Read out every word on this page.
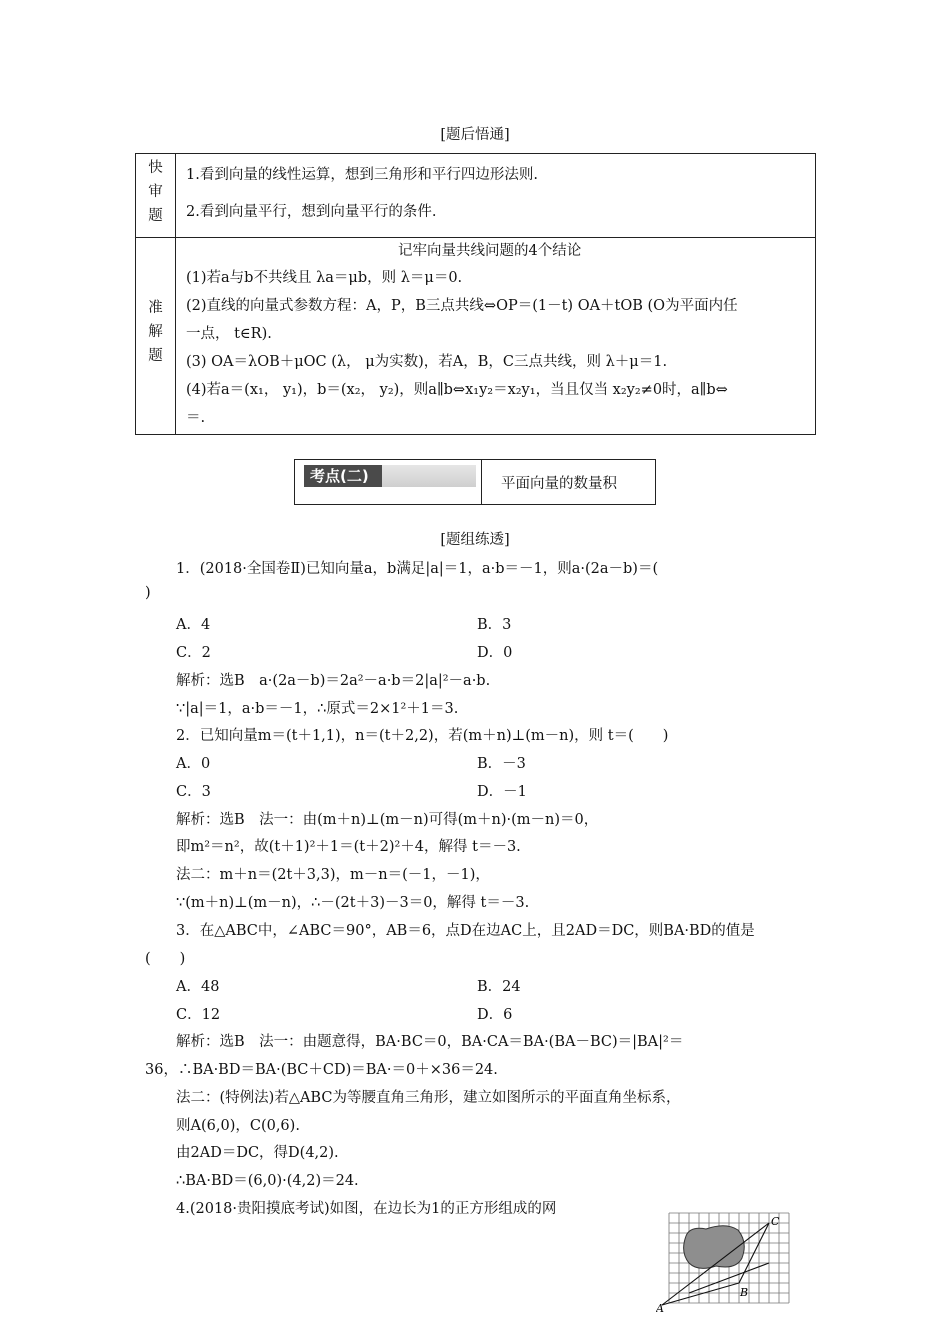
[题后悟通]
快
审
题
1.看到向量的线性运算，想到三角形和平行四边形法则.
2.看到向量平行，想到向量平行的条件.
准
解
题
记牢向量共线问题的4个结论
(1)若a与b不共线且 λa＝μb，则 λ＝μ＝0.
(2)直线的向量式参数方程：A，P，B三点共线⇔OP＝(1－t) OA＋tOB (O为平面内任
一点， t∈R).
(3) OA＝λOB＋μOC (λ， μ为实数)，若A，B，C三点共线，则 λ＋μ＝1.
(4)若a＝(x₁， y₁)，b＝(x₂， y₂)，则a∥b⇔x₁y₂＝x₂y₁，当且仅当 x₂y₂≠0时，a∥b⇔
＝.
考点(二)	平面向量的数量积
[题组练透]
1．(2018·全国卷Ⅱ)已知向量a，b满足|a|＝1，a·b＝－1，则a·(2a－b)＝(
)
A．4	B．3
C．2	D．0
解析：选B　a·(2a－b)＝2a²－a·b＝2|a|²－a·b.
∵|a|＝1，a·b＝－1，∴原式＝2×1²＋1＝3.
2．已知向量m＝(t＋1,1)，n＝(t＋2,2)，若(m＋n)⊥(m－n)，则 t＝(　　)
A．0	B．－3
C．3	D．－1
解析：选B　法一：由(m＋n)⊥(m－n)可得(m＋n)·(m－n)＝0，
即m²＝n²，故(t＋1)²＋1＝(t＋2)²＋4，解得 t＝－3.
法二：m＋n＝(2t＋3,3)，m－n＝(－1，－1)，
∵(m＋n)⊥(m－n)，∴－(2t＋3)－3＝0，解得 t＝－3.
3．在△ABC中，∠ABC＝90°，AB＝6，点D在边AC上，且2AD＝DC，则BA·BD的值是
(　　)
A．48	B．24
C．12	D．6
解析：选B　法一：由题意得，BA·BC＝0，BA·CA＝BA·(BA－BC)＝|BA|²＝
36，∴BA·BD＝BA·(BC＋CD)＝BA·＝0＋×36＝24.
法二：(特例法)若△ABC为等腰直角三角形，建立如图所示的平面直角坐标系，
则A(6,0)，C(0,6).
由2AD＝DC，得D(4,2).
∴BA·BD＝(6,0)·(4,2)＝24.
4.(2018·贵阳摸底考试)如图，在边长为1的正方形组成的网
A
B
C
